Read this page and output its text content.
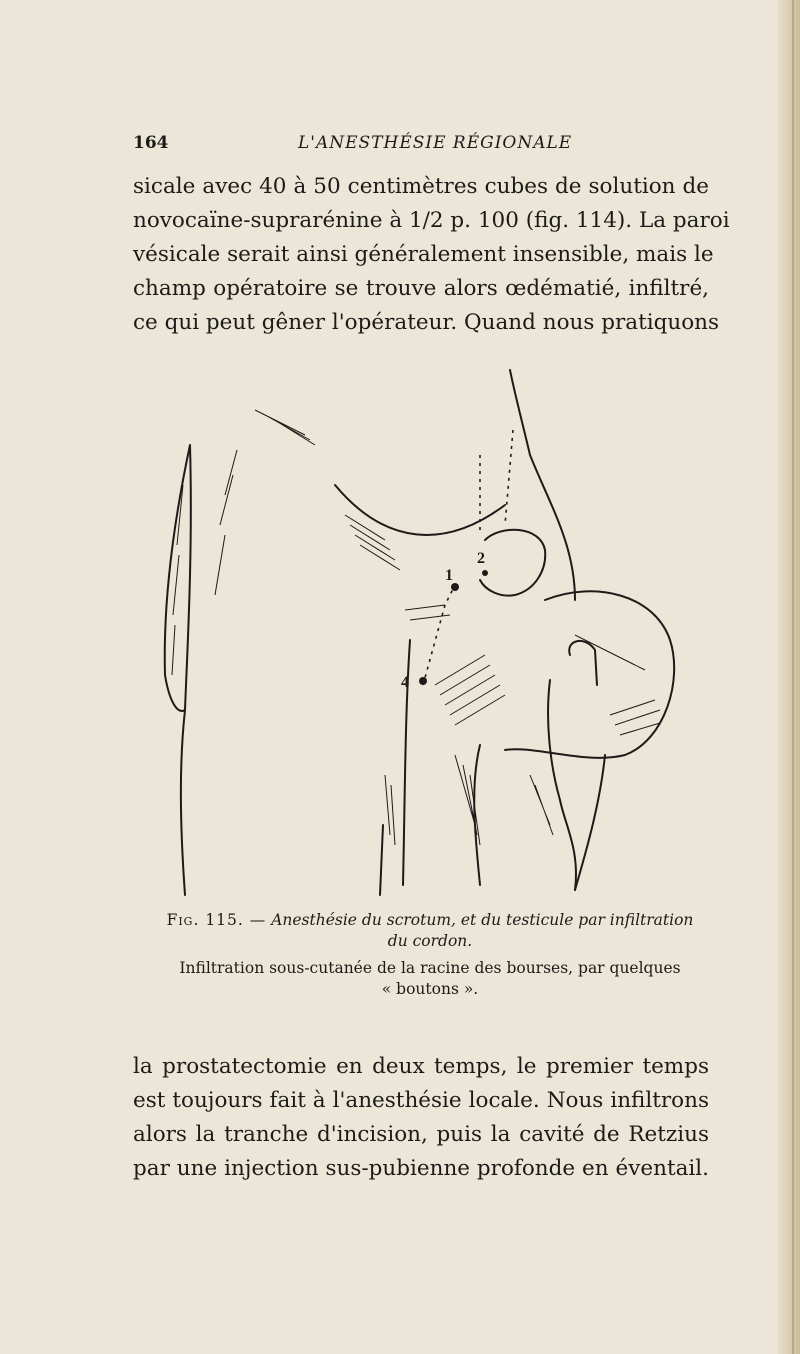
164	L'ANESTHÉSIE RÉGIONALE

sicale avec 40 à 50 centimètres cubes de solution de
novocaïne-suprarénine à 1/2 p. 100 (fig. 114). La paroi
vésicale serait ainsi généralement insensible, mais le
champ opératoire se trouve alors œdématié, infiltré,
ce qui peut gêner l'opérateur. Quand nous pratiquons

4
1
2
Fig. 115. — Anesthésie du scrotum, et du testicule par infiltration
du cordon.
Infiltration sous-cutanée de la racine des bourses, par quelques
« boutons ».

la prostatectomie en deux temps, le premier temps
est toujours fait à l'anesthésie locale. Nous infiltrons
alors la tranche d'incision, puis la cavité de Retzius
par une injection sus-pubienne profonde en éventail.
